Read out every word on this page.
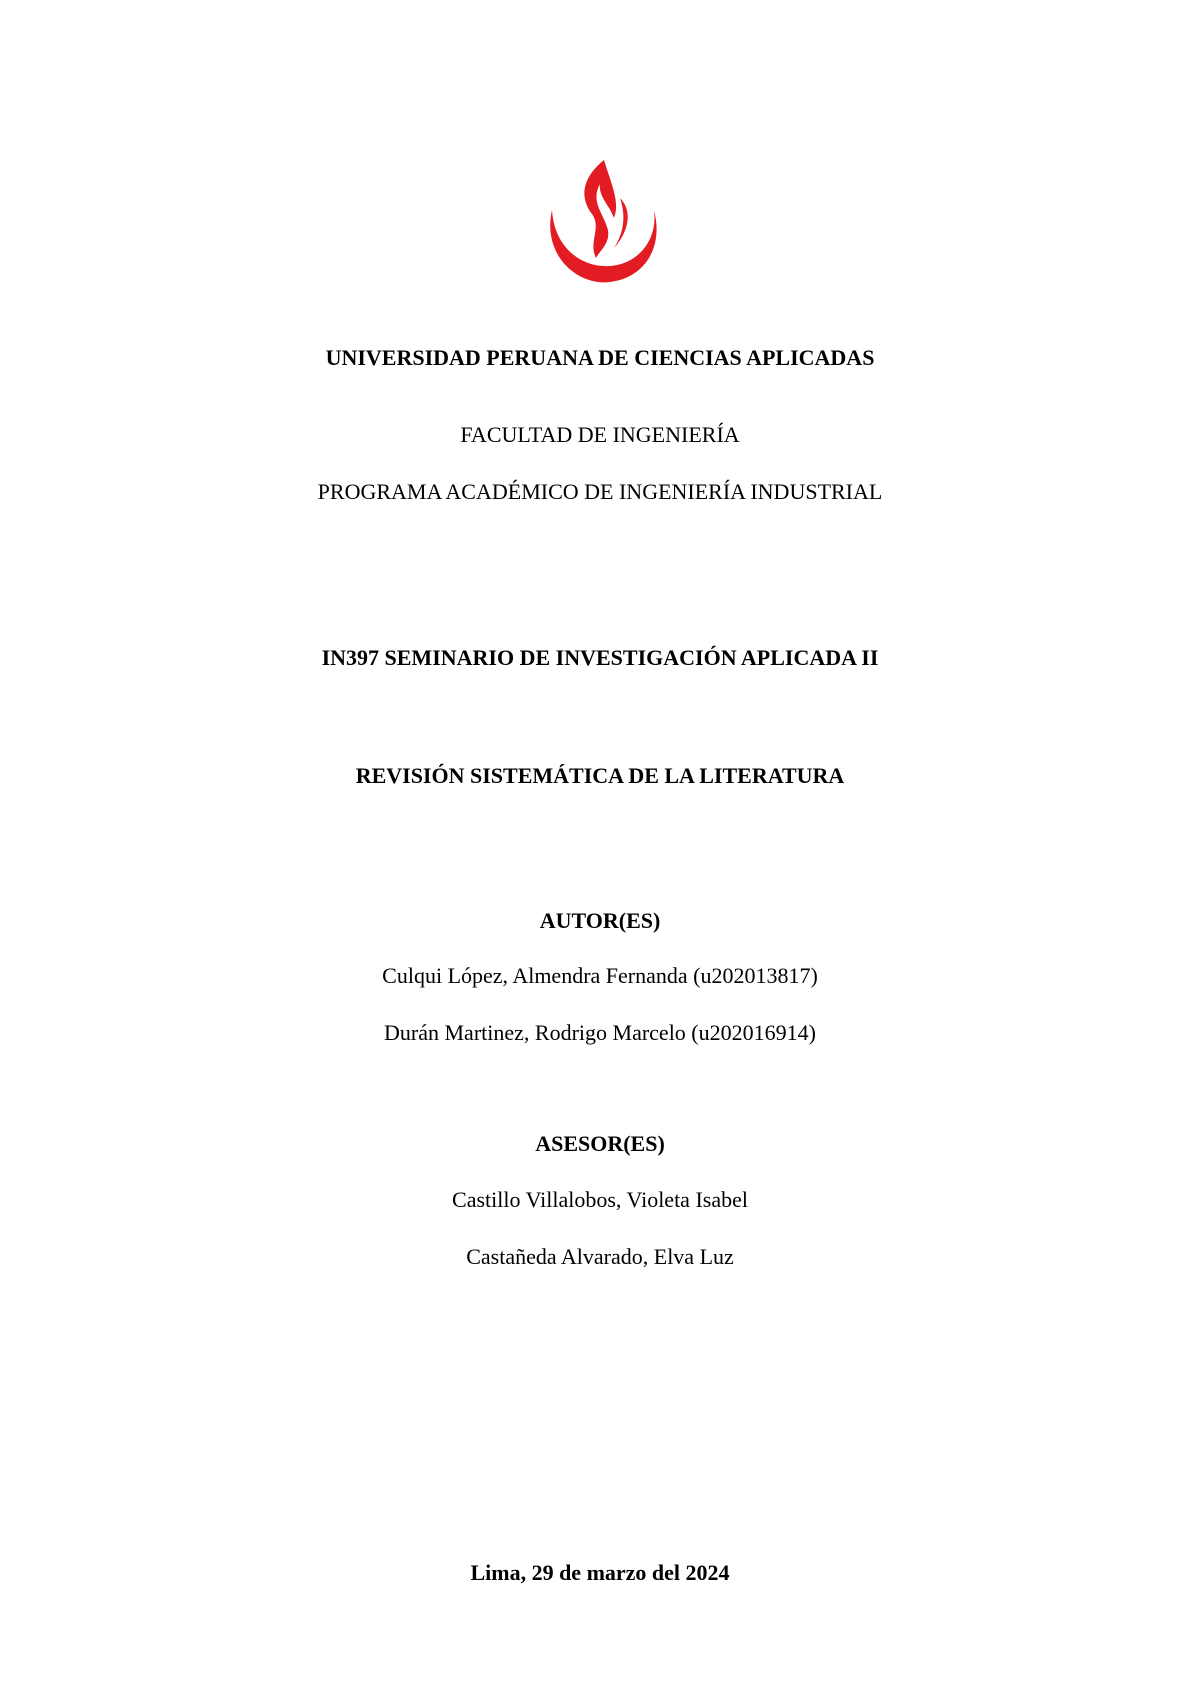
UNIVERSIDAD PERUANA DE CIENCIAS APLICADAS
FACULTAD DE INGENIERÍA
PROGRAMA ACADÉMICO DE INGENIERÍA INDUSTRIAL
IN397 SEMINARIO DE INVESTIGACIÓN APLICADA II
REVISIÓN SISTEMÁTICA DE LA LITERATURA
AUTOR(ES)
Culqui López, Almendra Fernanda (u202013817)
Durán Martinez, Rodrigo Marcelo (u202016914)
ASESOR(ES)
Castillo Villalobos, Violeta Isabel
Castañeda Alvarado, Elva Luz
Lima, 29 de marzo del 2024
